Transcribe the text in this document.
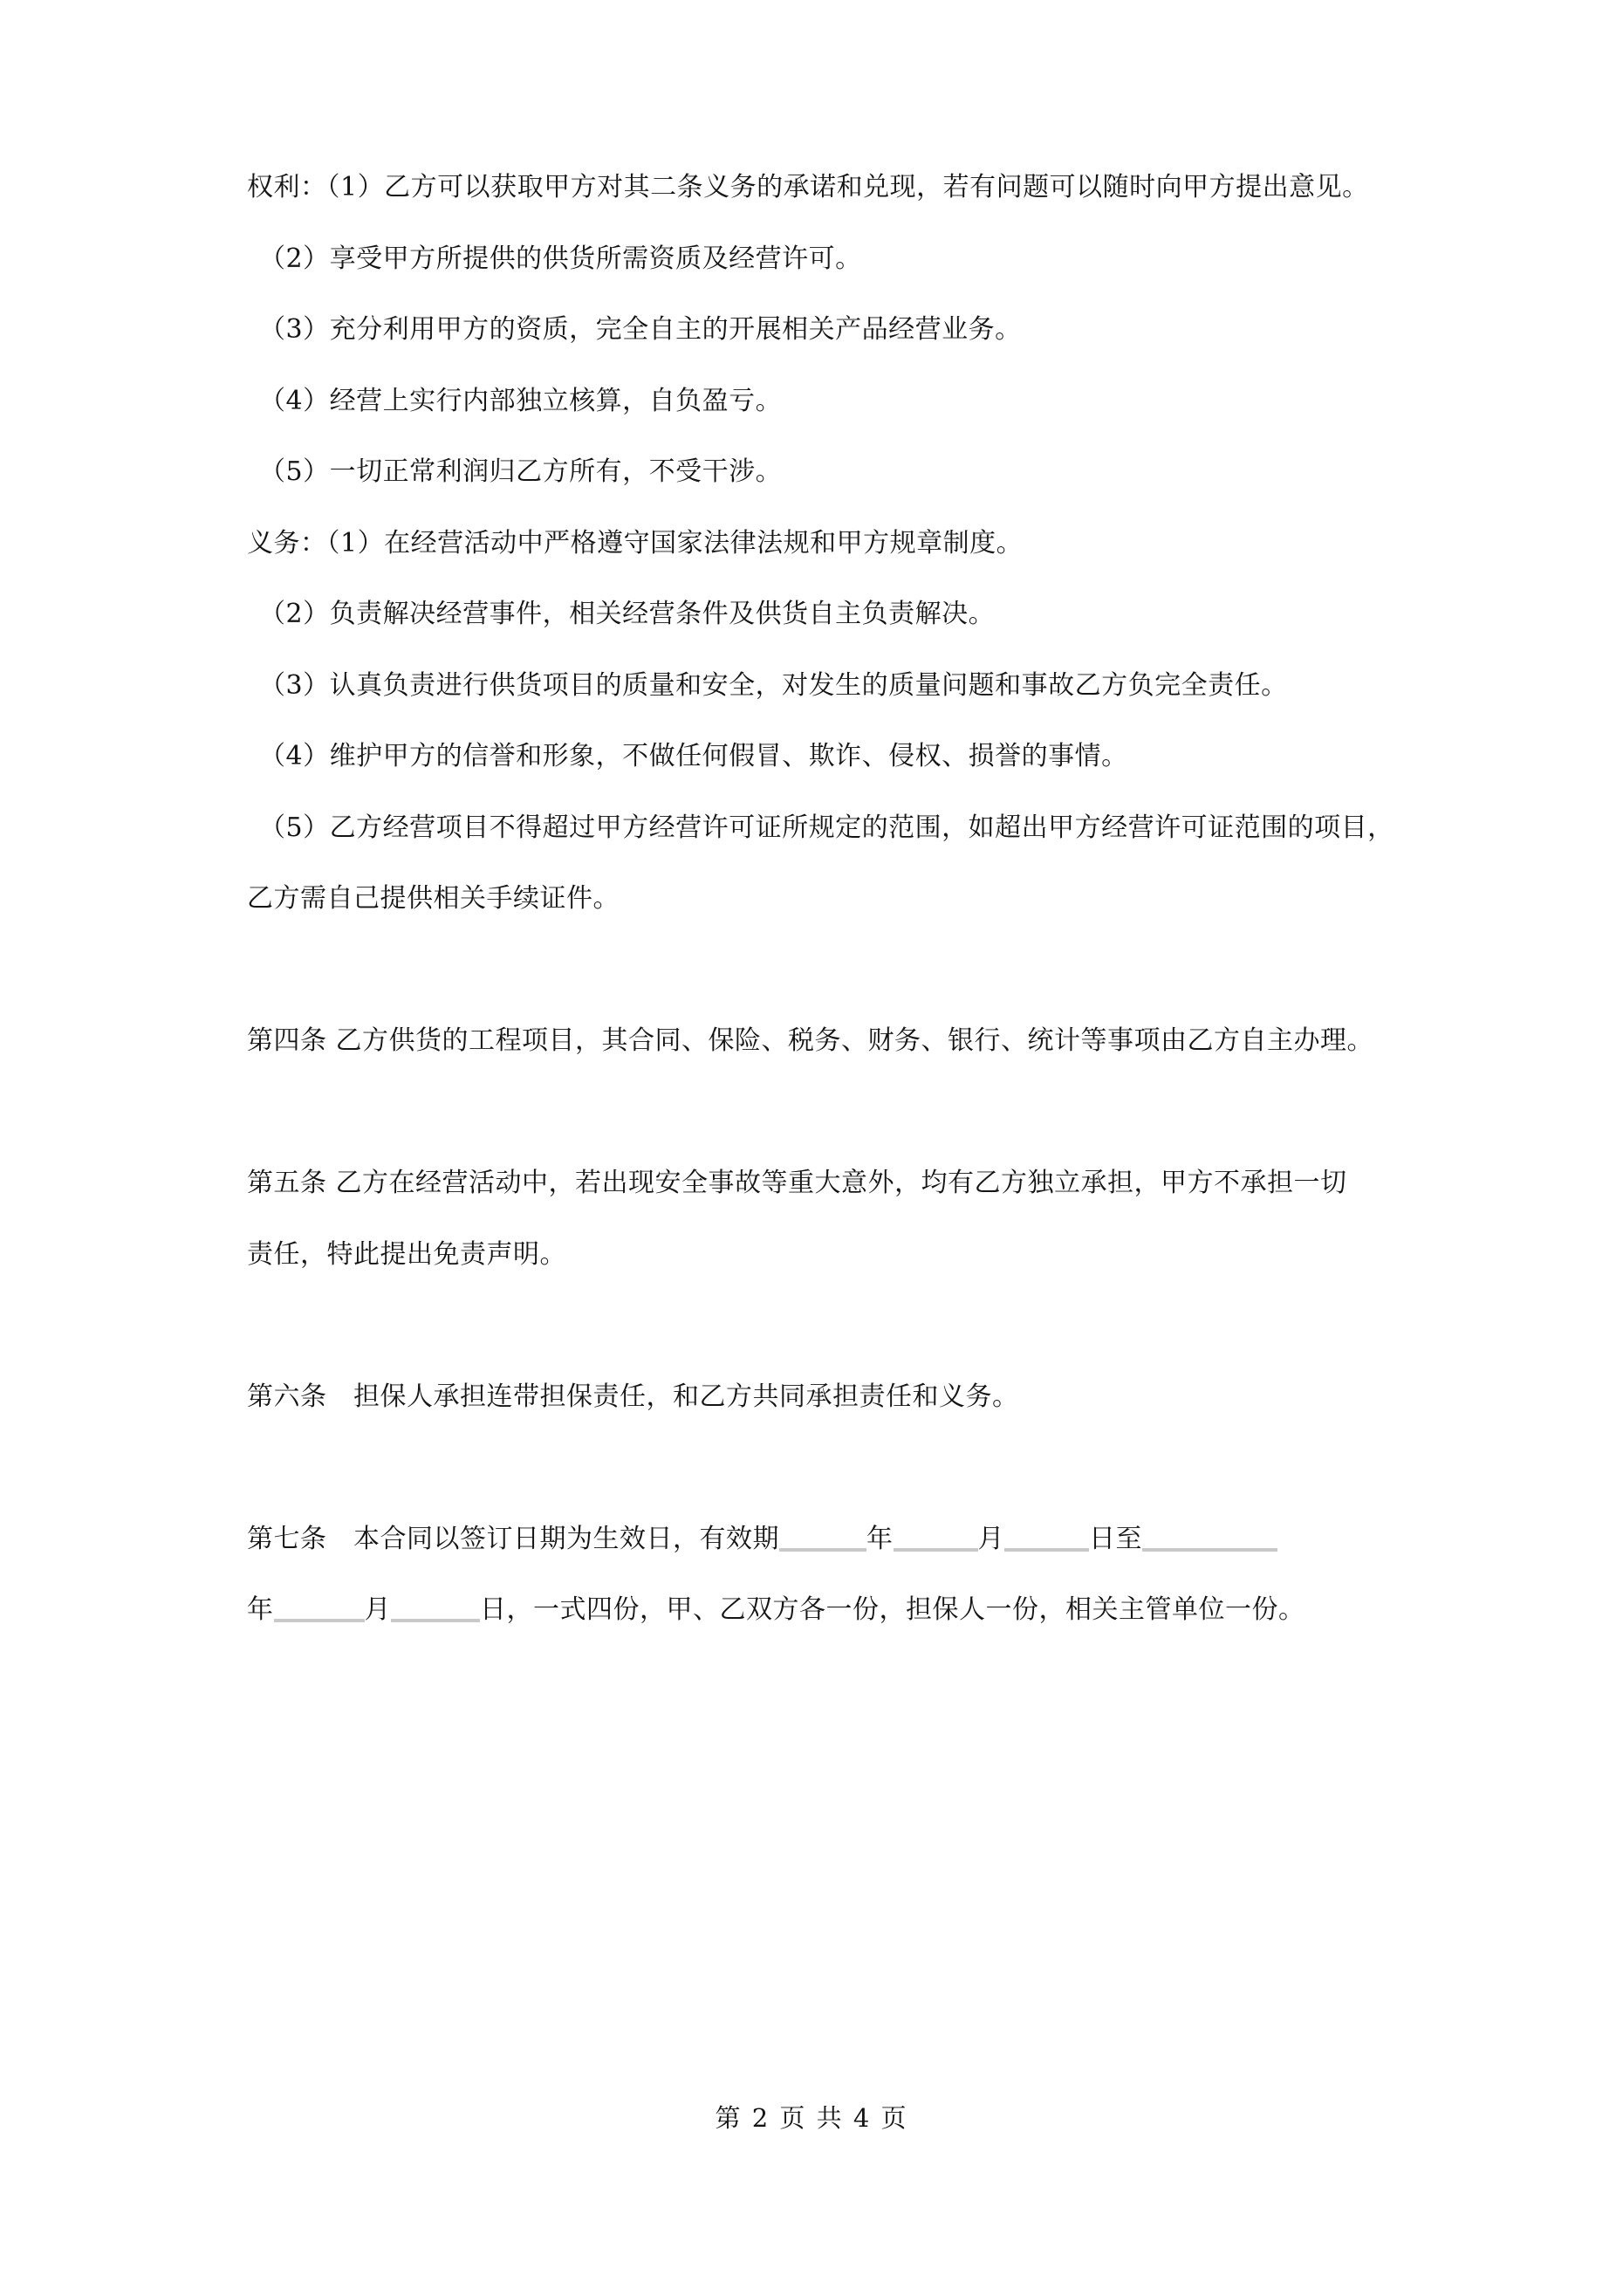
权利：（1）乙方可以获取甲方对其二条义务的承诺和兑现，若有问题可以随时向甲方提出意见。
（2）享受甲方所提供的供货所需资质及经营许可。
（3）充分利用甲方的资质，完全自主的开展相关产品经营业务。
（4）经营上实行内部独立核算，自负盈亏。
（5）一切正常利润归乙方所有，不受干涉。
义务：（1）在经营活动中严格遵守国家法律法规和甲方规章制度。
（2）负责解决经营事件，相关经营条件及供货自主负责解决。
（3）认真负责进行供货项目的质量和安全，对发生的质量问题和事故乙方负完全责任。
（4）维护甲方的信誉和形象，不做任何假冒、欺诈、侵权、损誉的事情。
（5）乙方经营项目不得超过甲方经营许可证所规定的范围，如超出甲方经营许可证范围的项目，
乙方需自己提供相关手续证件。
第四条 乙方供货的工程项目，其合同、保险、税务、财务、银行、统计等事项由乙方自主办理。
第五条 乙方在经营活动中，若出现安全事故等重大意外，均有乙方独立承担，甲方不承担一切
责任，特此提出免责声明。
第六条　担保人承担连带担保责任，和乙方共同承担责任和义务。
第七条　本合同以签订日期为生效日，有效期	年	月	日至
年	月	日，一式四份，甲、乙双方各一份，担保人一份，相关主管单位一份。
第 2 页 共 4 页
